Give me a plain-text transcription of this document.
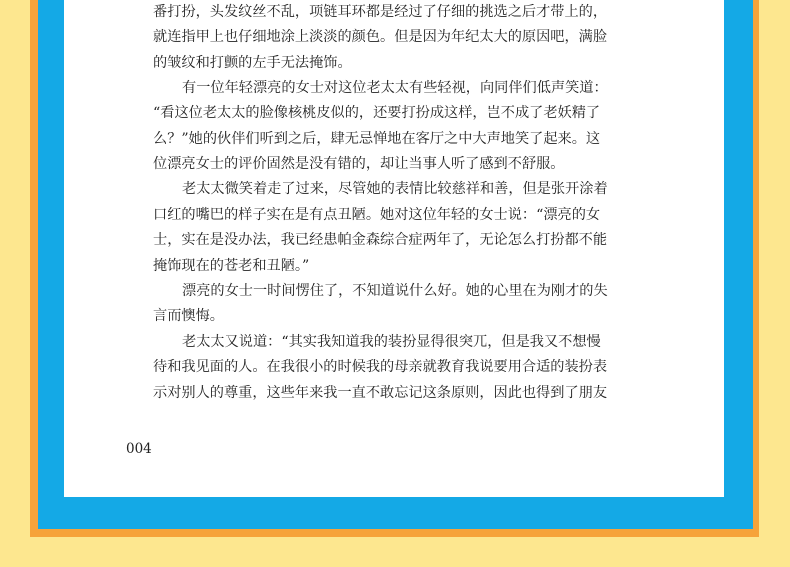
番打扮，头发纹丝不乱，项链耳环都是经过了仔细的挑选之后才带上的，

就连指甲上也仔细地涂上淡淡的颜色。但是因为年纪太大的原因吧，满脸

的皱纹和打颤的左手无法掩饰。

有一位年轻漂亮的女士对这位老太太有些轻视，向同伴们低声笑道：

“看这位老太太的脸像核桃皮似的，还要打扮成这样，岂不成了老妖精了

么？”她的伙伴们听到之后，肆无忌惮地在客厅之中大声地笑了起来。这

位漂亮女士的评价固然是没有错的，却让当事人听了感到不舒服。

老太太微笑着走了过来，尽管她的表情比较慈祥和善，但是张开涂着

口红的嘴巴的样子实在是有点丑陋。她对这位年轻的女士说：“漂亮的女

士，实在是没办法，我已经患帕金森综合症两年了，无论怎么打扮都不能

掩饰现在的苍老和丑陋。”

漂亮的女士一时间愣住了，不知道说什么好。她的心里在为刚才的失

言而懊悔。

老太太又说道：“其实我知道我的装扮显得很突兀，但是我又不想慢

待和我见面的人。在我很小的时候我的母亲就教育我说要用合适的装扮表

示对别人的尊重，这些年来我一直不敢忘记这条原则，因此也得到了朋友

004
